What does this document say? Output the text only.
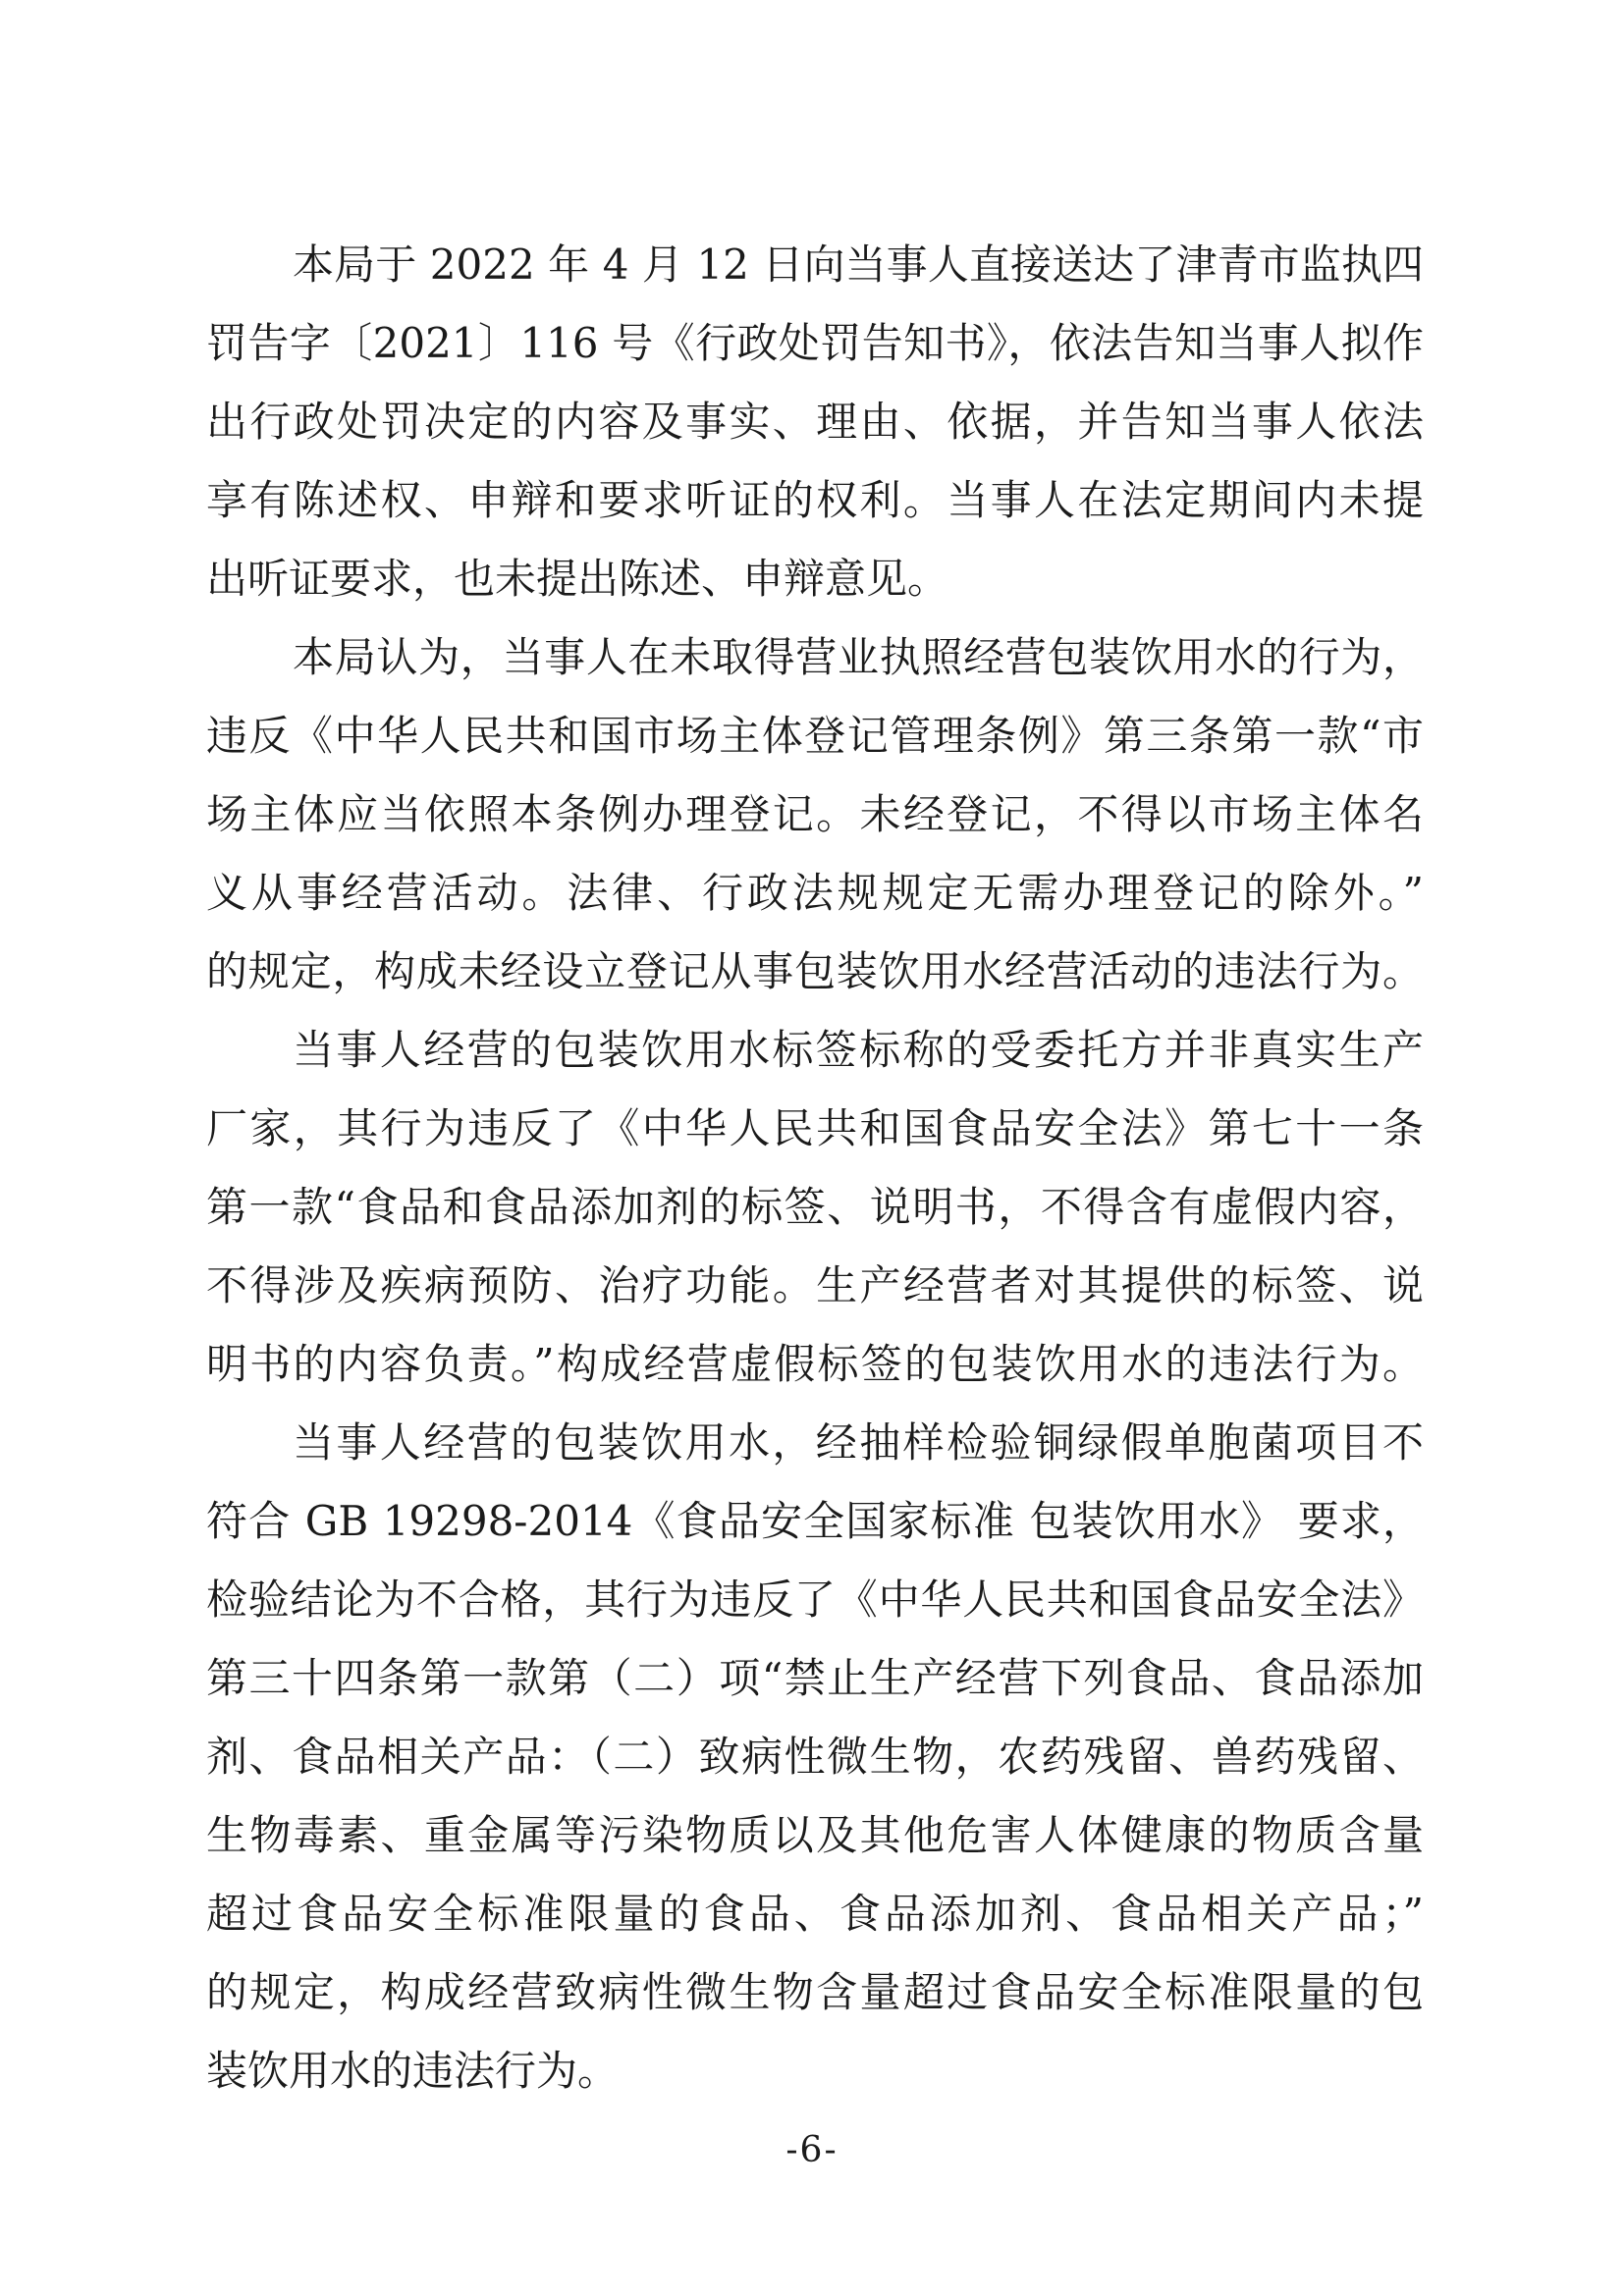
本局于 2022 年 4 月 12 日向当事人直接送达了津青市监执四
罚告字〔2021〕116 号《行政处罚告知书》，依法告知当事人拟作
出行政处罚决定的内容及事实、理由、依据，并告知当事人依法
享有陈述权、申辩和要求听证的权利。当事人在法定期间内未提
出听证要求，也未提出陈述、申辩意见。
本局认为，当事人在未取得营业执照经营包装饮用水的行为，
违反《中华人民共和国市场主体登记管理条例》第三条第一款“市
场主体应当依照本条例办理登记。未经登记，不得以市场主体名
义从事经营活动。法律、行政法规规定无需办理登记的除外。”
的规定，构成未经设立登记从事包装饮用水经营活动的违法行为。
当事人经营的包装饮用水标签标称的受委托方并非真实生产
厂家，其行为违反了《中华人民共和国食品安全法》第七十一条
第一款“食品和食品添加剂的标签、说明书，不得含有虚假内容，
不得涉及疾病预防、治疗功能。生产经营者对其提供的标签、说
明书的内容负责。”构成经营虚假标签的包装饮用水的违法行为。
当事人经营的包装饮用水，经抽样检验铜绿假单胞菌项目不
符合 GB 19298-2014《食品安全国家标准 包装饮用水》 要求，
检验结论为不合格，其行为违反了《中华人民共和国食品安全法》
第三十四条第一款第（二）项“禁止生产经营下列食品、食品添加
剂、食品相关产品：（二）致病性微生物，农药残留、兽药残留、
生物毒素、重金属等污染物质以及其他危害人体健康的物质含量
超过食品安全标准限量的食品、食品添加剂、食品相关产品；”
的规定，构成经营致病性微生物含量超过食品安全标准限量的包
装饮用水的违法行为。
-6-
